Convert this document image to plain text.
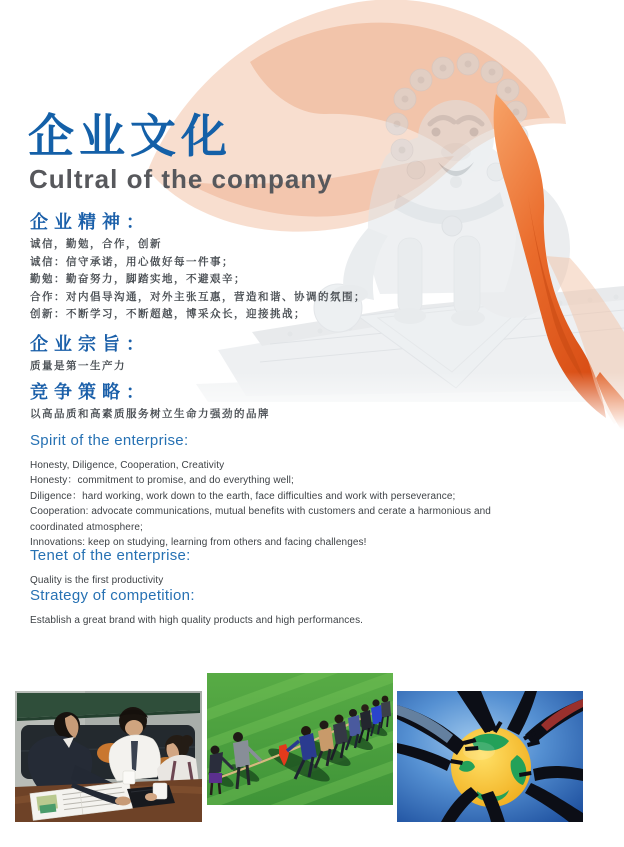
企业文化
Cultral of the company
企业精神：
诚信，勤勉，合作，创新
诚信：信守承诺，用心做好每一件事；
勤勉：勤奋努力，脚踏实地，不避艰辛；
合作：对内倡导沟通，对外主张互惠，营造和谐、协调的氛围；
创新：不断学习，不断超越，博采众长，迎接挑战；
企业宗旨：
质量是第一生产力
竞争策略：
以高品质和高素质服务树立生命力强劲的品牌
Spirit of the enterprise:
Honesty, Diligence, Cooperation, Creativity
Honesty：commitment to promise, and do everything well;
Diligence：hard working, work down to the earth, face difficulties and work with perseverance;
Cooperation: advocate communications, mutual benefits with customers and cerate a harmonious and coordinated atmosphere;
Innovations: keep on studying, learning from others and facing challenges!
Tenet of the enterprise:
Quality is the first productivity
Strategy of competition:
Establish a great brand with high quality products and high performances.
